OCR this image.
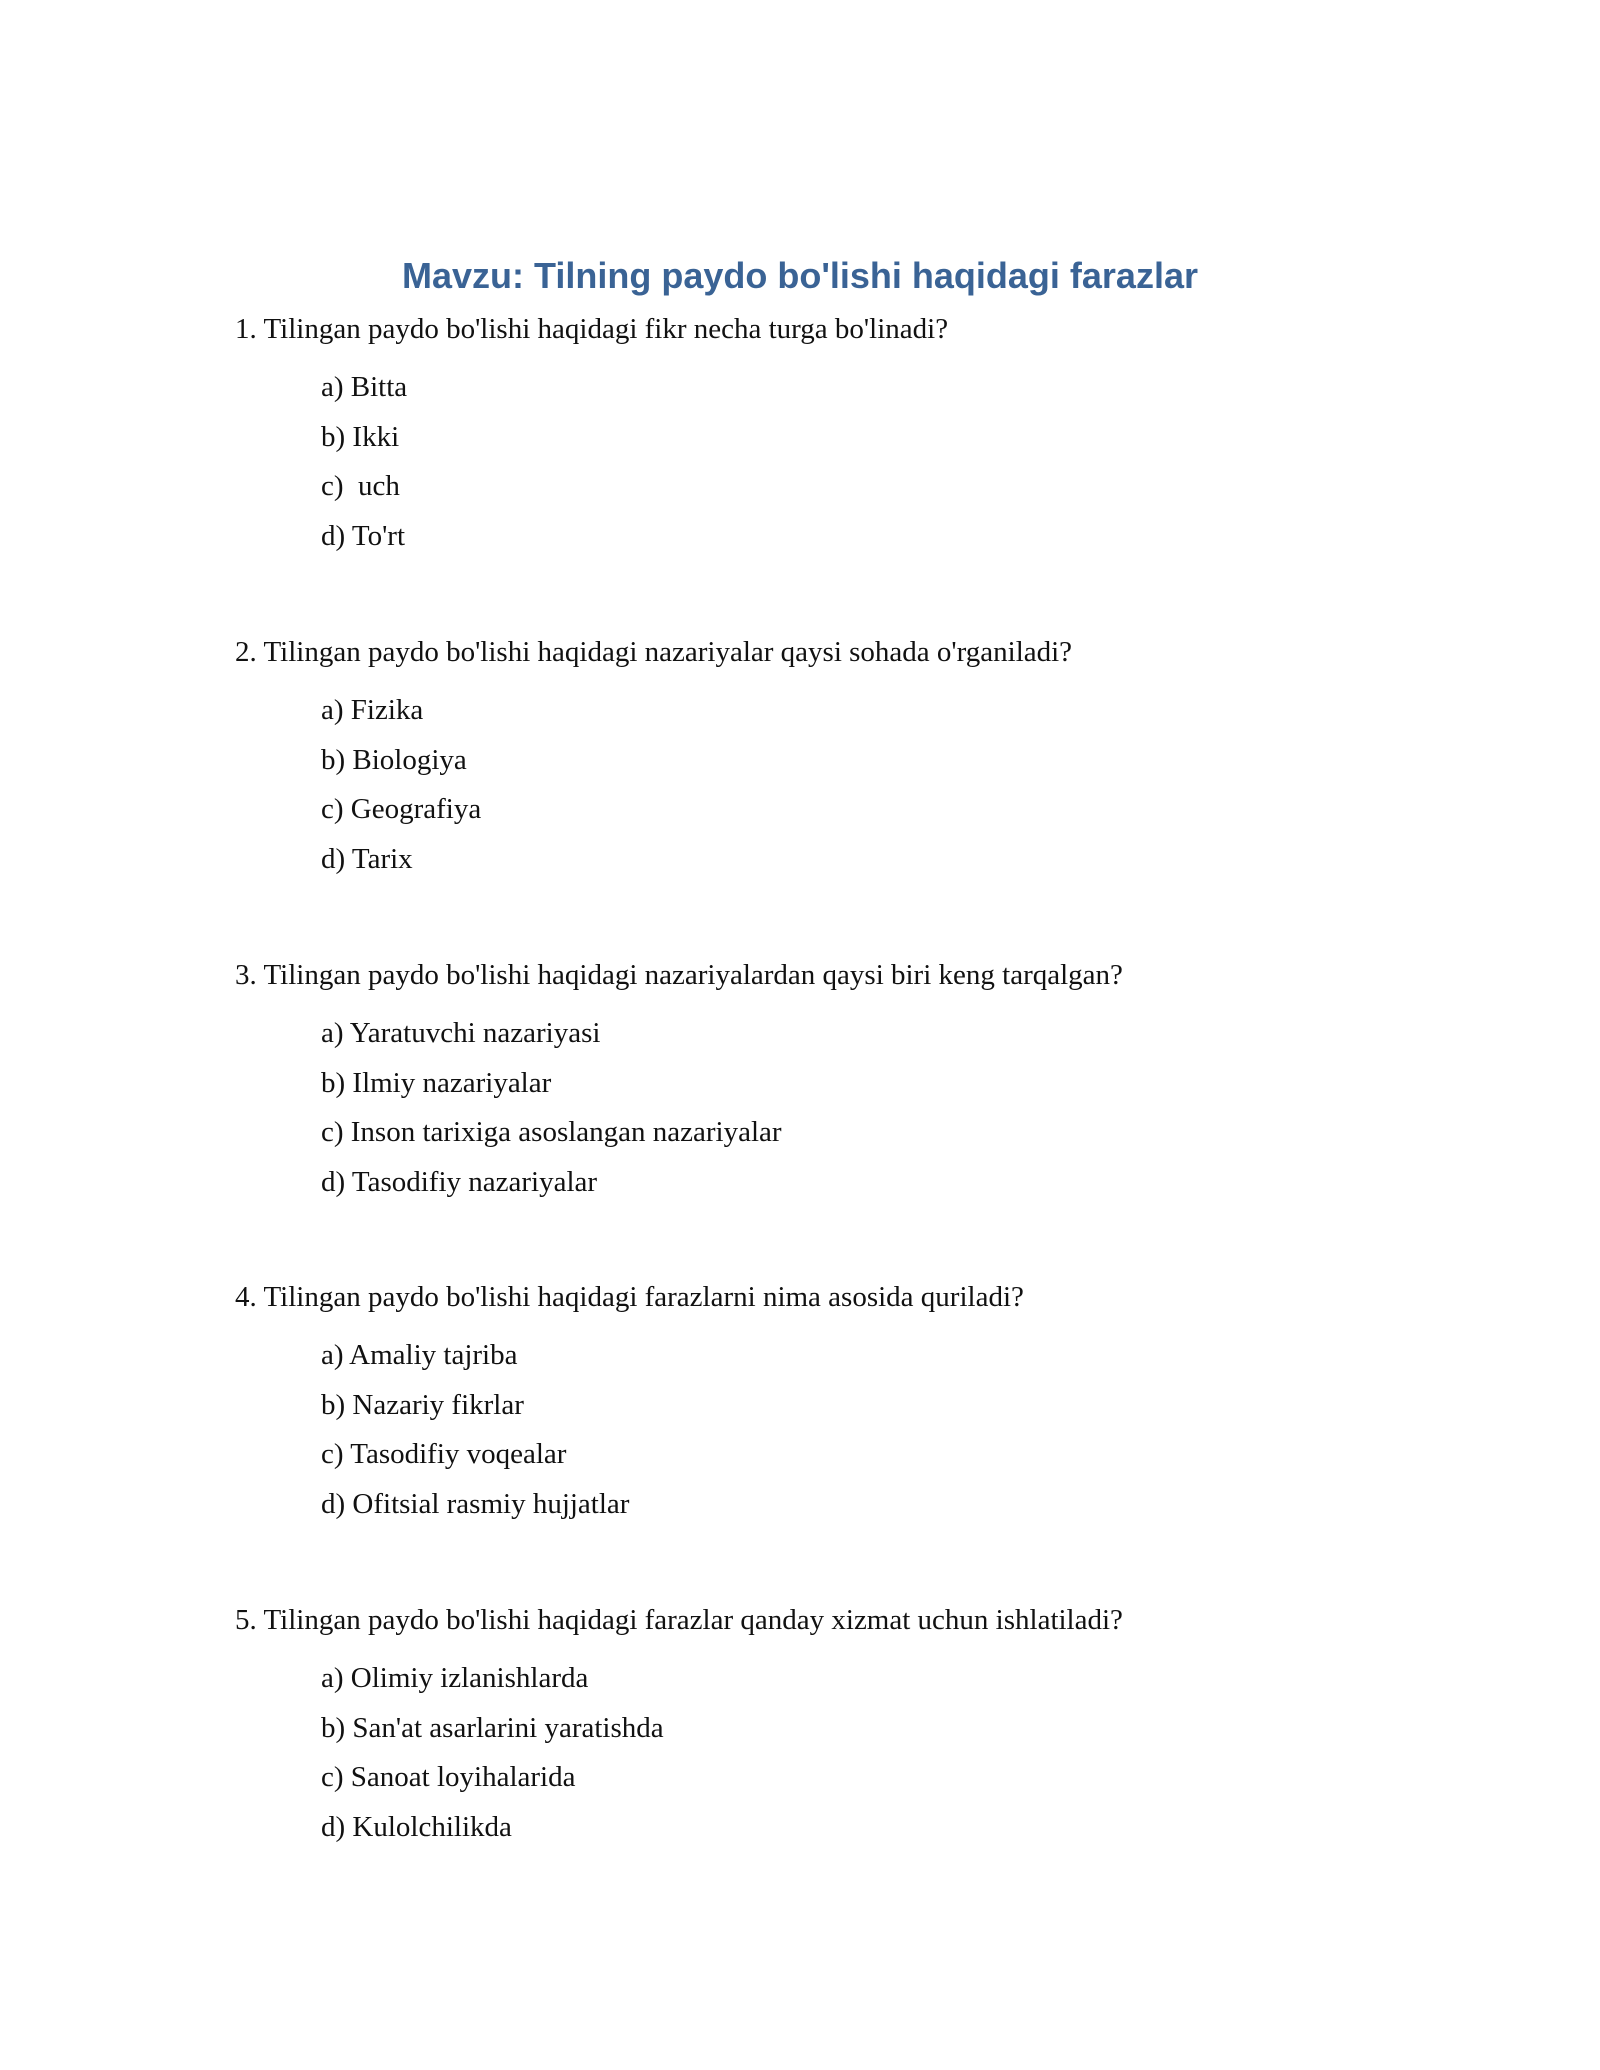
Mavzu: Tilning paydo bo'lishi haqidagi farazlar
1. Tilingan paydo bo'lishi haqidagi fikr necha turga bo'linadi?
a) Bitta
b) Ikki
c)  uch
d) To'rt
2. Tilingan paydo bo'lishi haqidagi nazariyalar qaysi sohada o'rganiladi?
a) Fizika
b) Biologiya
c) Geografiya
d) Tarix
3. Tilingan paydo bo'lishi haqidagi nazariyalardan qaysi biri keng tarqalgan?
a) Yaratuvchi nazariyasi
b) Ilmiy nazariyalar
c) Inson tarixiga asoslangan nazariyalar
d) Tasodifiy nazariyalar
4. Tilingan paydo bo'lishi haqidagi farazlarni nima asosida quriladi?
a) Amaliy tajriba
b) Nazariy fikrlar
c) Tasodifiy voqealar
d) Ofitsial rasmiy hujjatlar
5. Tilingan paydo bo'lishi haqidagi farazlar qanday xizmat uchun ishlatiladi?
a) Olimiy izlanishlarda
b) San'at asarlarini yaratishda
c) Sanoat loyihalarida
d) Kulolchilikda
